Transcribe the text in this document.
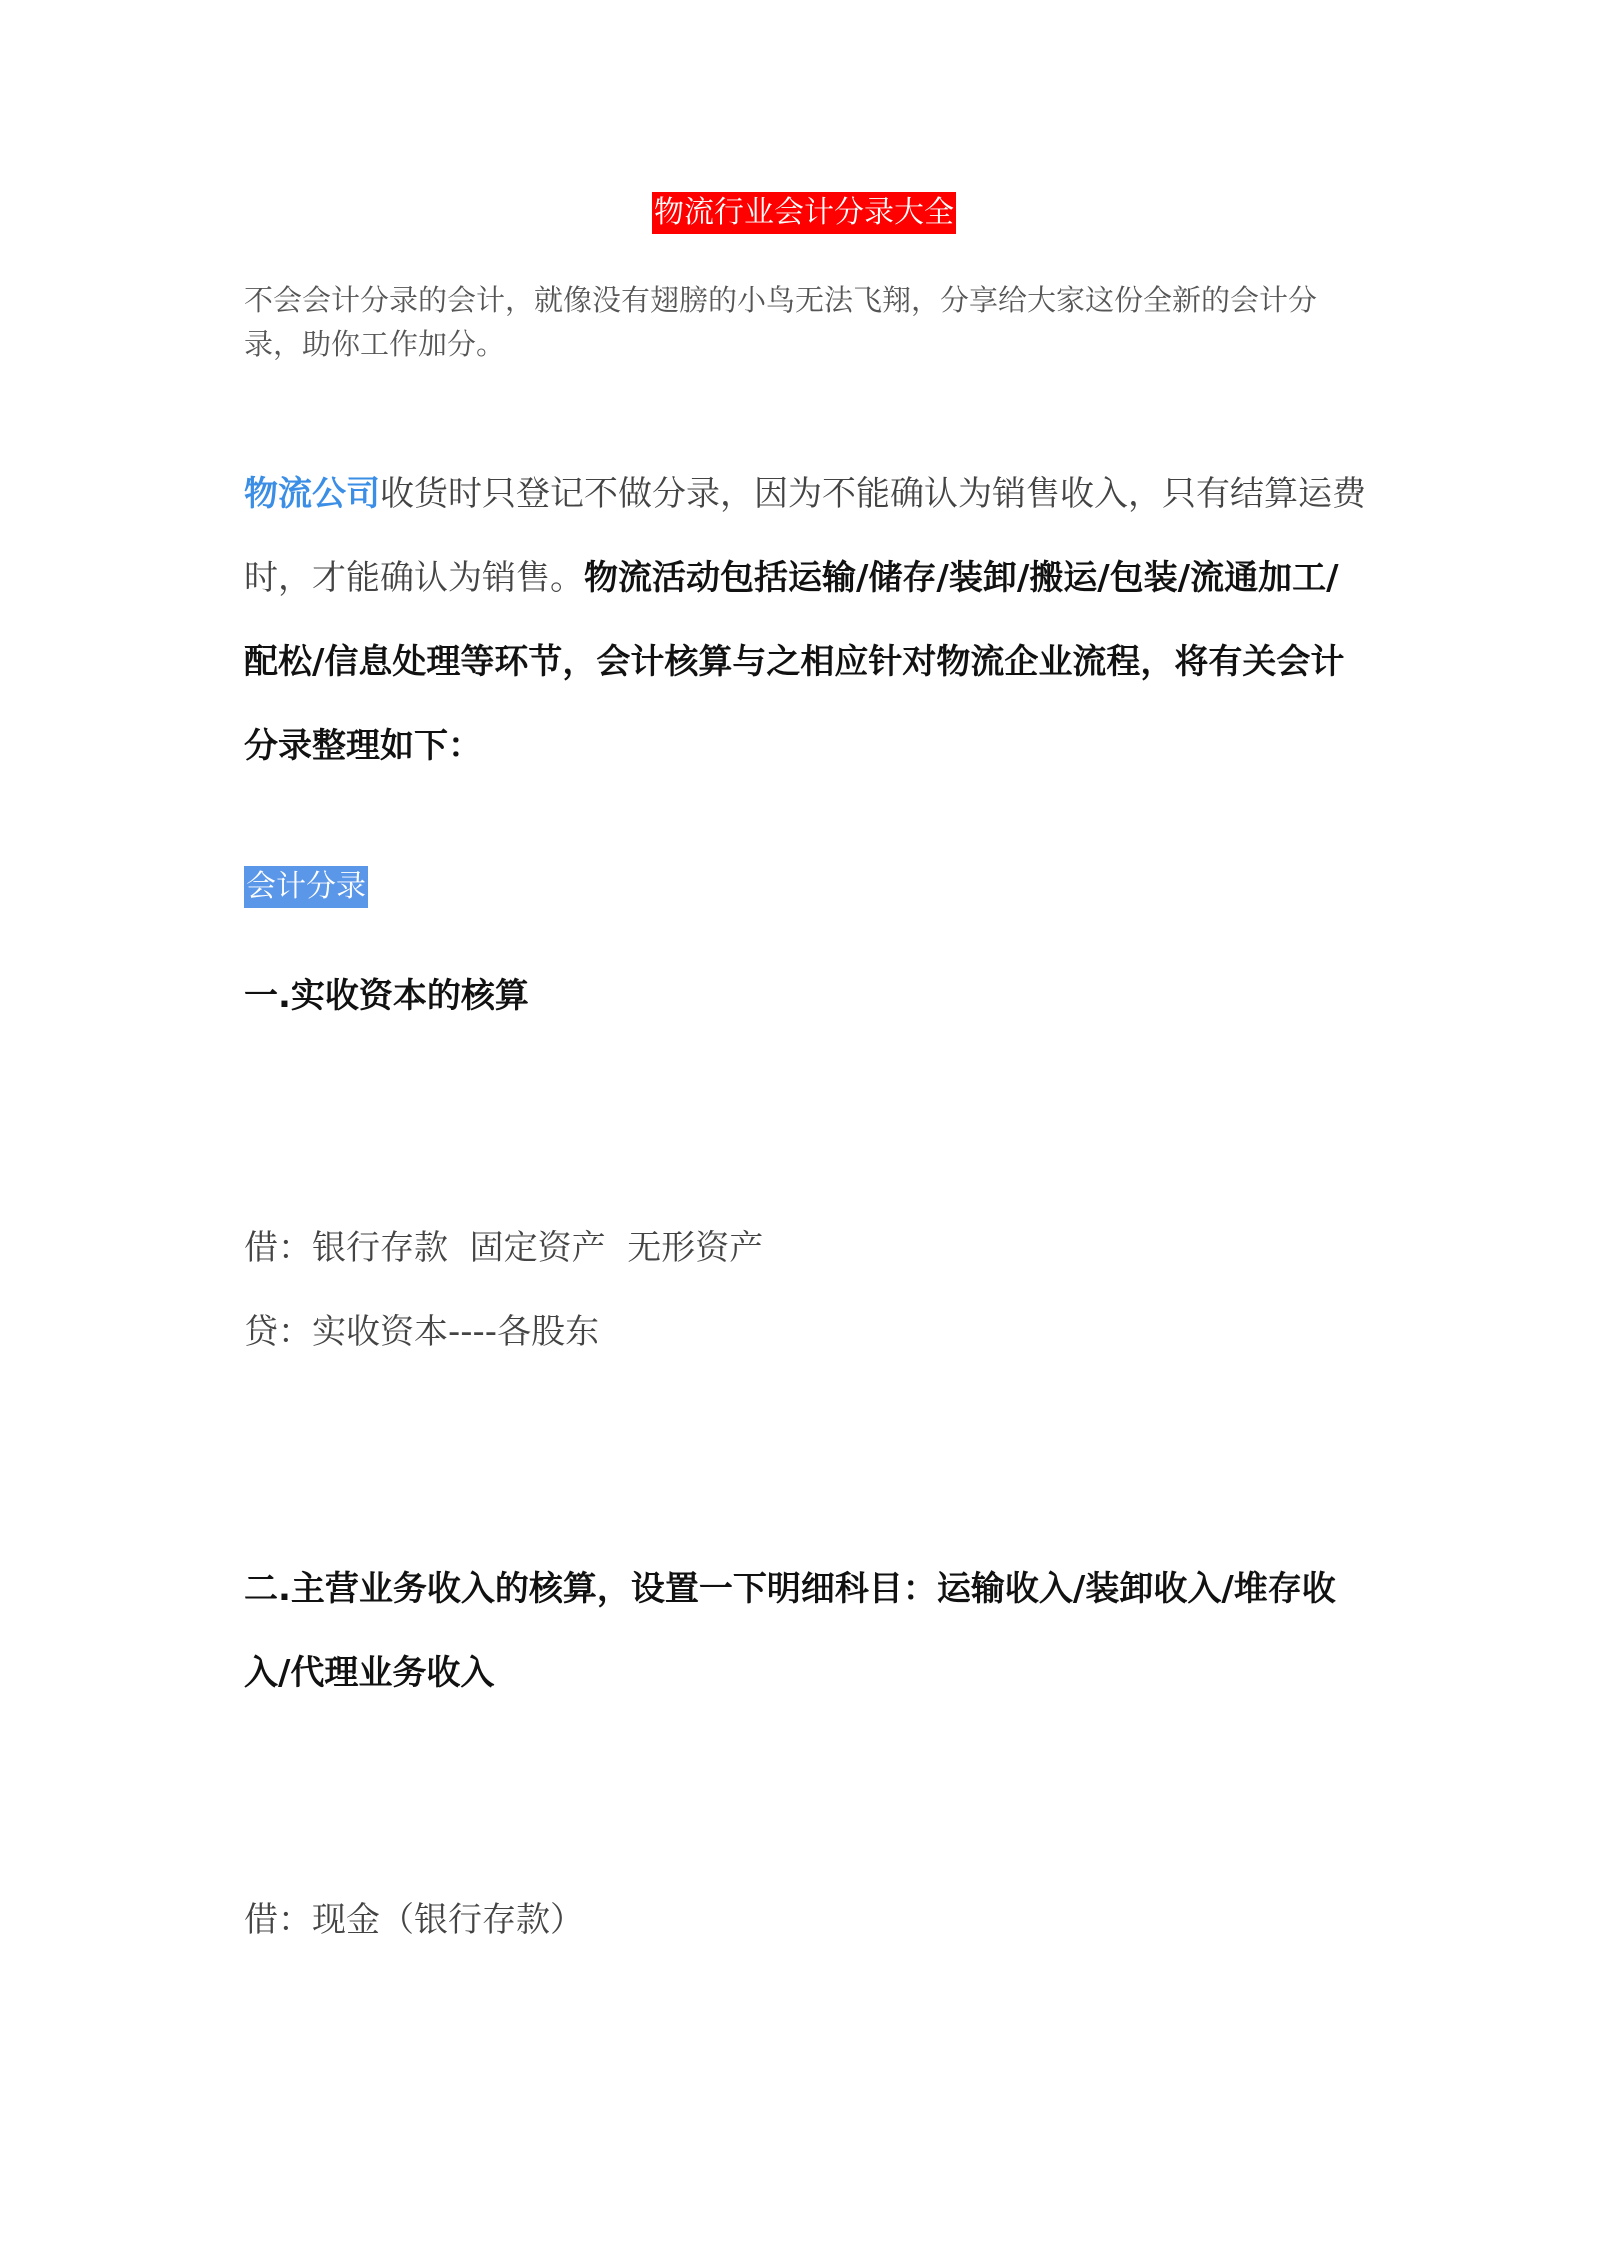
物流行业会计分录大全
不会会计分录的会计，就像没有翅膀的小鸟无法飞翔，分享给大家这份全新的会计分录，助你工作加分。
物流公司收货时只登记不做分录，因为不能确认为销售收入，只有结算运费时，才能确认为销售。物流活动包括运输/储存/装卸/搬运/包装/流通加工/配松/信息处理等环节，会计核算与之相应针对物流企业流程，将有关会计分录整理如下：
会计分录
一.实收资本的核算
借：银行存款  固定资产  无形资产
贷：实收资本----各股东
二.主营业务收入的核算，设置一下明细科目：运输收入/装卸收入/堆存收入/代理业务收入
借：现金（银行存款）
